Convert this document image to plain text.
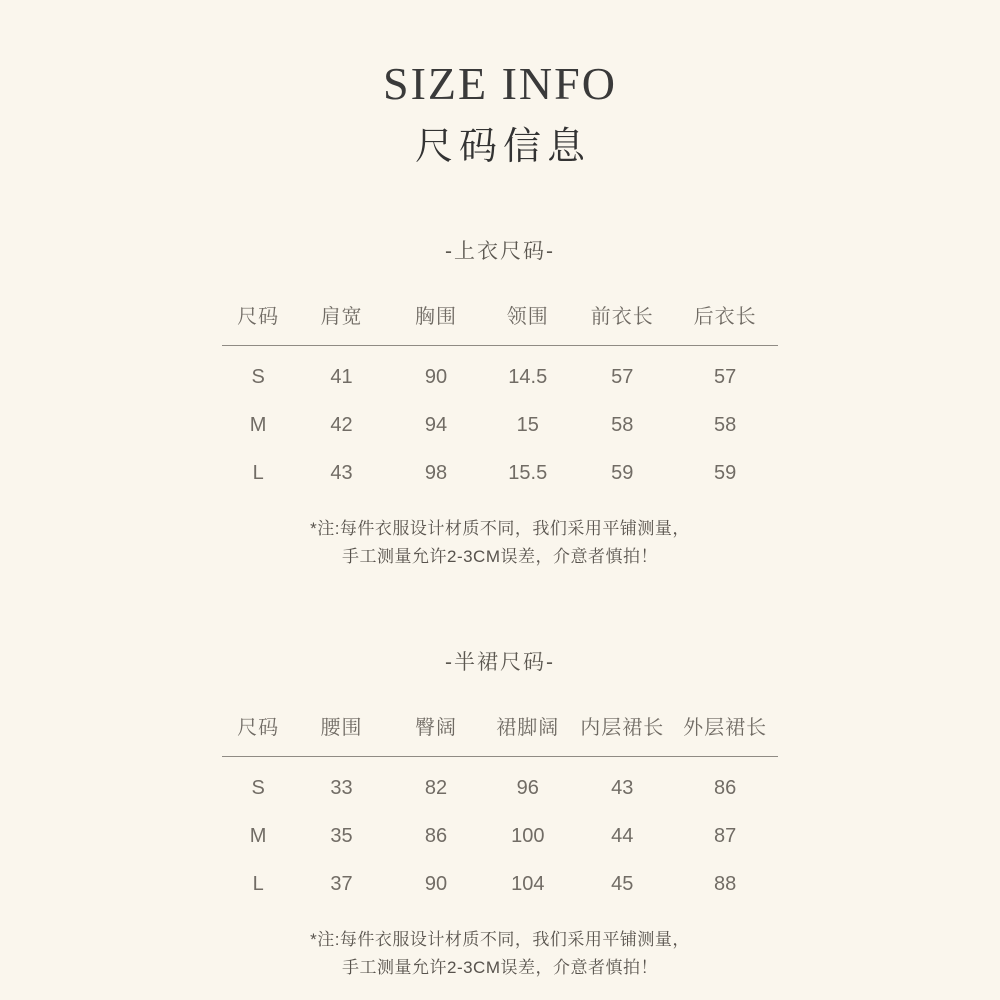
SIZE INFO
尺码信息
-上衣尺码-
尺码	肩宽	胸围	领围	前衣长	后衣长
S	41	90	14.5	57	57
M	42	94	15	58	58
L	43	98	15.5	59	59
*注:每件衣服设计材质不同，我们采用平铺测量，
手工测量允许2-3CM误差，介意者慎拍！
-半裙尺码-
尺码	腰围	臀阔	裙脚阔	内层裙长	外层裙长
S	33	82	96	43	86
M	35	86	100	44	87
L	37	90	104	45	88
*注:每件衣服设计材质不同，我们采用平铺测量，
手工测量允许2-3CM误差，介意者慎拍！
